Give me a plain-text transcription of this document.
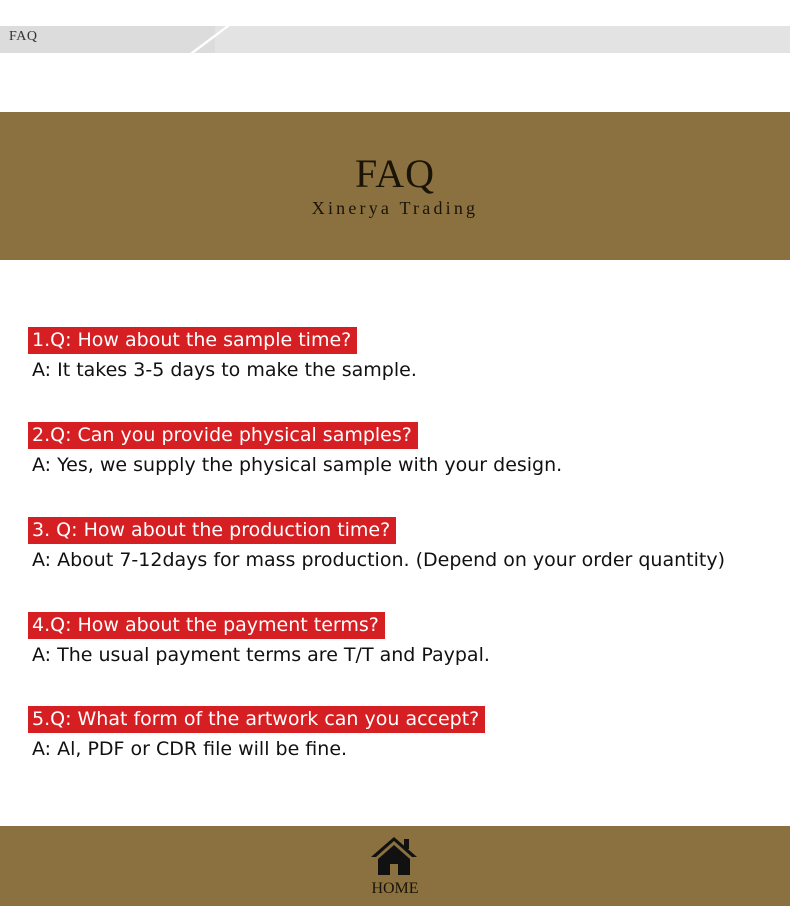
FAQ
FAQ
Xinerya Trading
1.Q: How about the sample time?
A: It takes 3-5 days to make the sample.
2.Q: Can you provide physical samples?
A: Yes, we supply the physical sample with your design.
3. Q: How about the production time?
A: About 7-12days for mass production. (Depend on your order quantity)
4.Q: How about the payment terms?
A: The usual payment terms are T/T and Paypal.
5.Q: What form of the artwork can you accept?
A: Al, PDF or CDR file will be fine.
HOME
